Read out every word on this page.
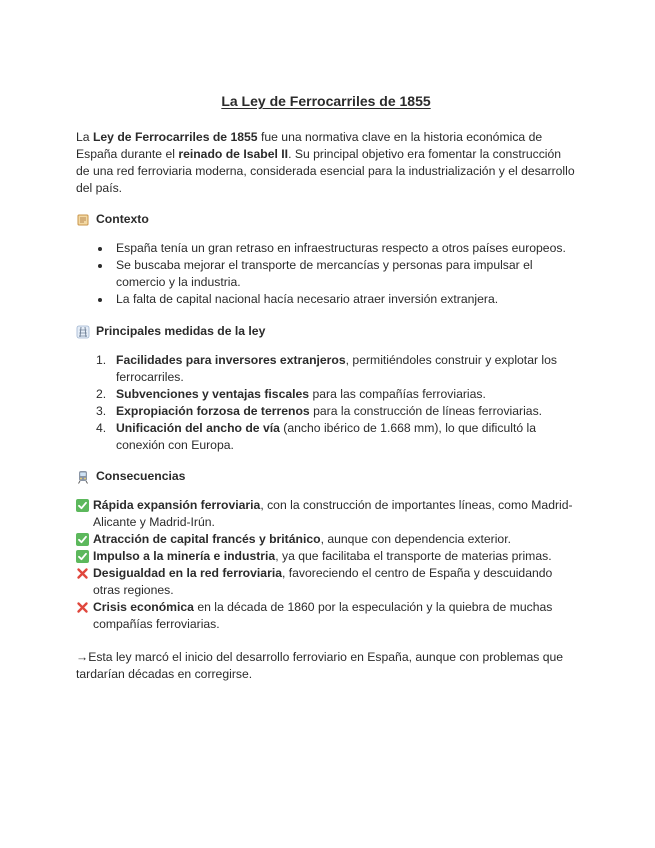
La Ley de Ferrocarriles de 1855

La Ley de Ferrocarriles de 1855 fue una normativa clave en la historia económica de España durante el reinado de Isabel II. Su principal objetivo era fomentar la construcción de una red ferroviaria moderna, considerada esencial para la industrialización y el desarrollo del país.

Contexto
España tenía un gran retraso en infraestructuras respecto a otros países europeos.
Se buscaba mejorar el transporte de mercancías y personas para impulsar el comercio y la industria.
La falta de capital nacional hacía necesario atraer inversión extranjera.
Principales medidas de la ley
1. Facilidades para inversores extranjeros, permitiéndoles construir y explotar los ferrocarriles.
2. Subvenciones y ventajas fiscales para las compañías ferroviarias.
3. Expropiación forzosa de terrenos para la construcción de líneas ferroviarias.
4. Unificación del ancho de vía (ancho ibérico de 1.668 mm), lo que dificultó la conexión con Europa.
Consecuencias

Rápida expansión ferroviaria, con la construcción de importantes líneas, como Madrid-Alicante y Madrid-Irún.

Atracción de capital francés y británico, aunque con dependencia exterior.

Impulso a la minería e industria, ya que facilitaba el transporte de materias primas.

Desigualdad en la red ferroviaria, favoreciendo el centro de España y descuidando otras regiones.

Crisis económica en la década de 1860 por la especulación y la quiebra de muchas compañías ferroviarias.

→Esta ley marcó el inicio del desarrollo ferroviario en España, aunque con problemas que tardarían décadas en corregirse.
